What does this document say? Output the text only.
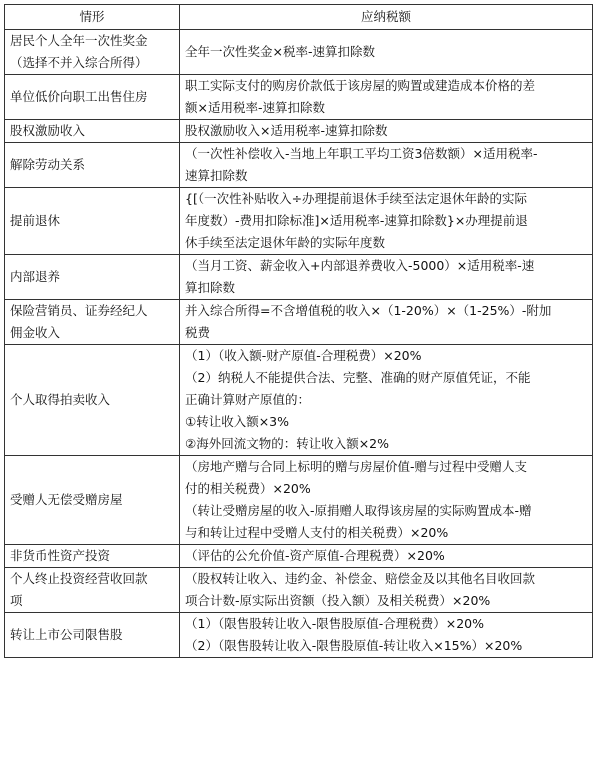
情形	应纳税额

居民个人全年一次性奖金
（选择不并入综合所得）	全年一次性奖金×税率-速算扣除数

单位低价向职工出售住房	职工实际支付的购房价款低于该房屋的购置或建造成本价格的差
额×适用税率-速算扣除数

股权激励收入	股权激励收入×适用税率-速算扣除数

解除劳动关系	（一次性补偿收入-当地上年职工平均工资3倍数额）×适用税率-
速算扣除数

提前退休	{[（一次性补贴收入÷办理提前退休手续至法定退休年龄的实际
年度数）-费用扣除标准]×适用税率-速算扣除数}×办理提前退
休手续至法定退休年龄的实际年度数

内部退养	（当月工资、薪金收入+内部退养费收入-5000）×适用税率-速
算扣除数

保险营销员、证券经纪人
佣金收入	并入综合所得=不含增值税的收入×（1-20%）×（1-25%）-附加
税费

个人取得拍卖收入	（1）（收入额-财产原值-合理税费）×20%
（2）纳税人不能提供合法、完整、准确的财产原值凭证，不能
正确计算财产原值的：
①转让收入额×3%
②海外回流文物的：转让收入额×2%

受赠人无偿受赠房屋	（房地产赠与合同上标明的赠与房屋价值-赠与过程中受赠人支
付的相关税费）×20%
（转让受赠房屋的收入-原捐赠人取得该房屋的实际购置成本-赠
与和转让过程中受赠人支付的相关税费）×20%

非货币性资产投资	（评估的公允价值-资产原值-合理税费）×20%

个人终止投资经营收回款
项	（股权转让收入、违约金、补偿金、赔偿金及以其他名目收回款
项合计数-原实际出资额（投入额）及相关税费）×20%

转让上市公司限售股	（1）（限售股转让收入-限售股原值-合理税费）×20%
（2）（限售股转让收入-限售股原值-转让收入×15%）×20%
